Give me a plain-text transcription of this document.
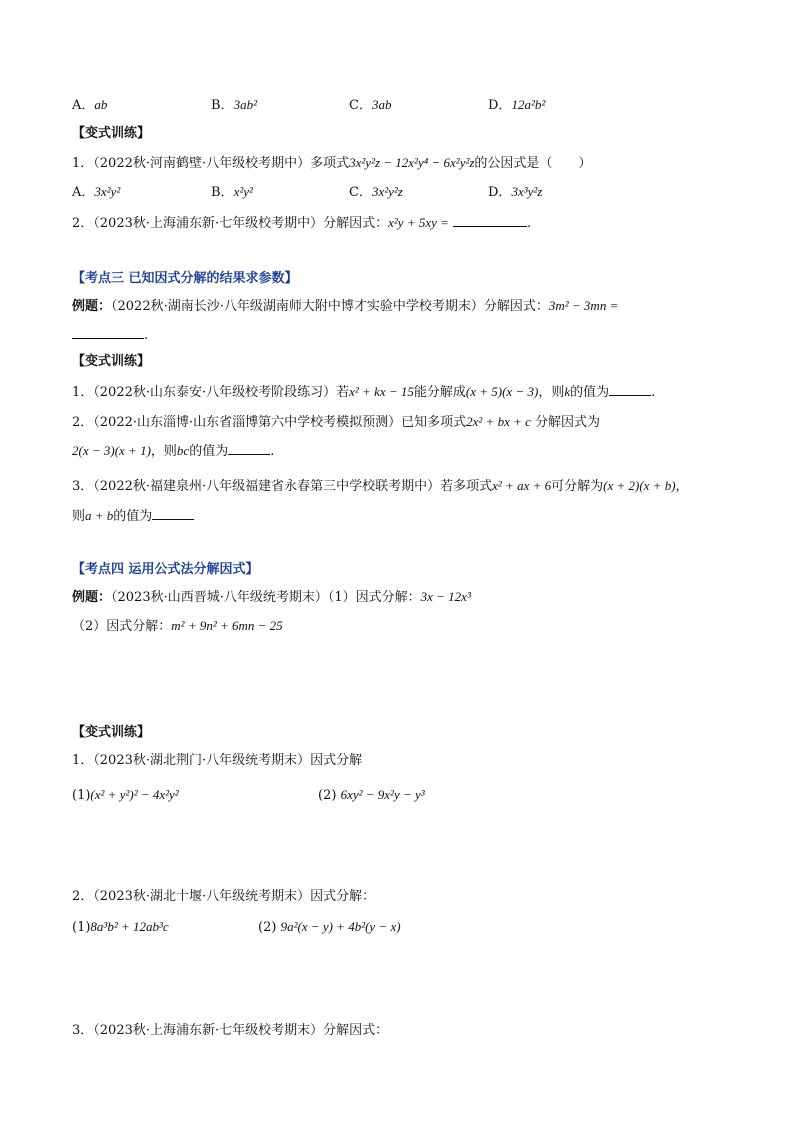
A．ab	B．3ab²	C．3ab	D．12a²b²
【变式训练】
1．（2022秋·河南鹤壁·八年级校考期中）多项式3x²y²z − 12x²y⁴ − 6x²y²z的公因式是（　　）
A．3x²y²	B．x²y²	C．3x²y²z	D．3x³y²z
2．（2023秋·上海浦东新·七年级校考期中）分解因式：x²y + 5xy =	.
【考点三 已知因式分解的结果求参数】
例题：（2022秋·湖南长沙·八年级湖南师大附中博才实验中学校考期末）分解因式：3m² − 3mn =
.
【变式训练】
1．（2022秋·山东泰安·八年级校考阶段练习）若x² + kx − 15能分解成(x + 5)(x − 3)，则k的值为	.
2．（2022·山东淄博·山东省淄博第六中学校考模拟预测）已知多项式2x² + bx + c 分解因式为
2(x − 3)(x + 1)，则bc的值为	.
3．（2022秋·福建泉州·八年级福建省永春第三中学校联考期中）若多项式x² + ax + 6可分解为(x + 2)(x + b)，
则a + b的值为
【考点四 运用公式法分解因式】
例题：（2023秋·山西晋城·八年级统考期末）（1）因式分解：3x − 12x³
（2）因式分解：m² + 9n² + 6mn − 25
【变式训练】
1．（2023秋·湖北荆门·八年级统考期末）因式分解
(1)(x² + y²)² − 4x²y²	(2) 6xy² − 9x²y − y³
2．（2023秋·湖北十堰·八年级统考期末）因式分解：
(1)8a³b² + 12ab³c	(2) 9a²(x − y) + 4b²(y − x)
3．（2023秋·上海浦东新·七年级校考期末）分解因式：
